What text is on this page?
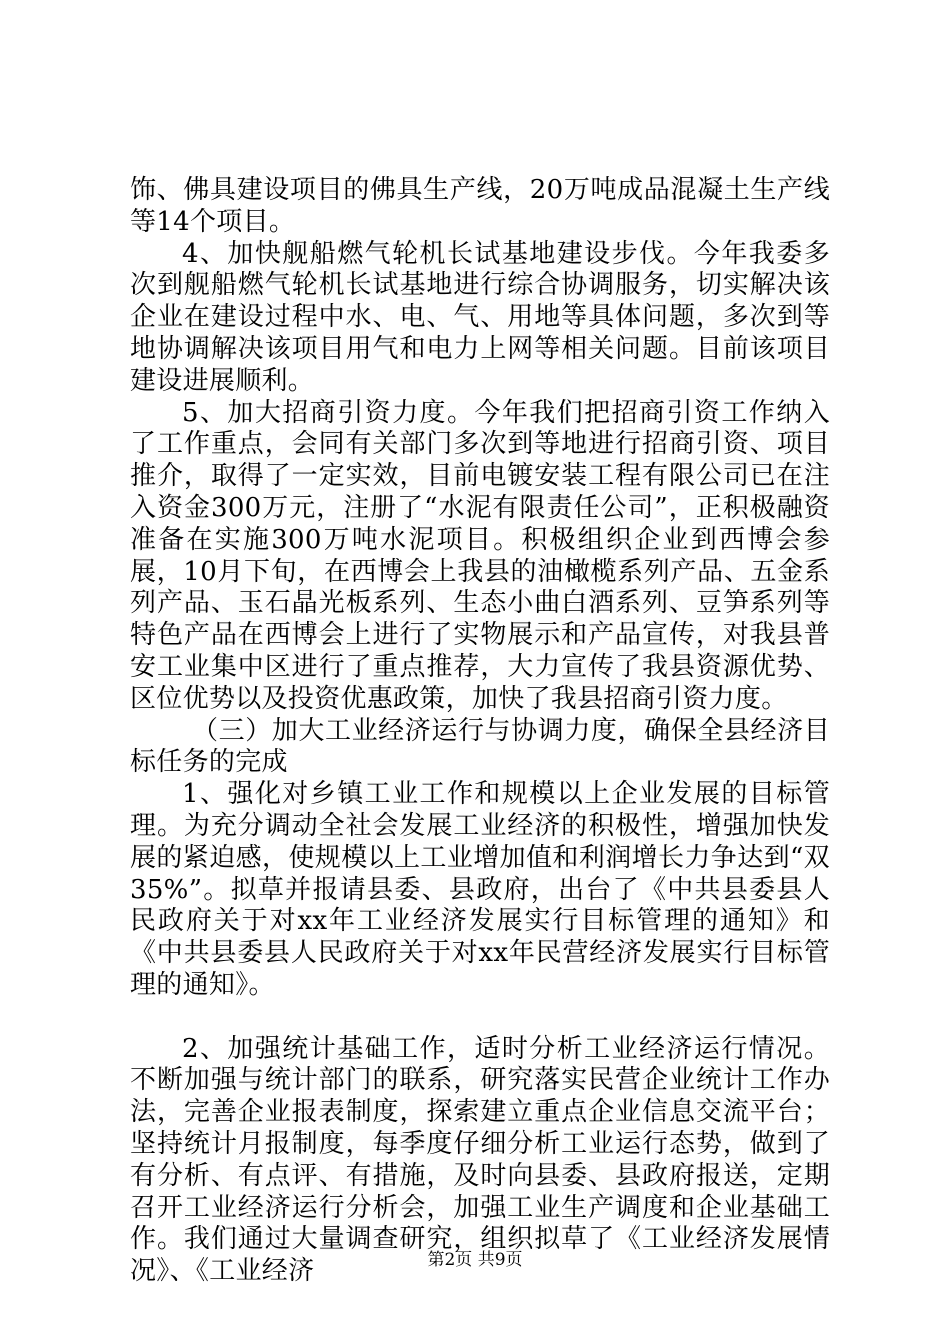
饰、佛具建设项目的佛具生产线，20万吨成品混凝土生产线等14个项目。

4、加快舰船燃气轮机长试基地建设步伐。今年我委多次到舰船燃气轮机长试基地进行综合协调服务，切实解决该企业在建设过程中水、电、气、用地等具体问题，多次到等地协调解决该项目用气和电力上网等相关问题。目前该项目建设进展顺利。

5、加大招商引资力度。今年我们把招商引资工作纳入了工作重点，会同有关部门多次到等地进行招商引资、项目推介，取得了一定实效，目前电镀安装工程有限公司已在注入资金300万元，注册了“水泥有限责任公司”，正积极融资准备在实施300万吨水泥项目。积极组织企业到西博会参展，10月下旬，在西博会上我县的油橄榄系列产品、五金系列产品、玉石晶光板系列、生态小曲白酒系列、豆笋系列等特色产品在西博会上进行了实物展示和产品宣传，对我县普安工业集中区进行了重点推荐，大力宣传了我县资源优势、区位优势以及投资优惠政策，加快了我县招商引资力度。

（三）加大工业经济运行与协调力度，确保全县经济目标任务的完成

1、强化对乡镇工业工作和规模以上企业发展的目标管理。为充分调动全社会发展工业经济的积极性，增强加快发展的紧迫感，使规模以上工业增加值和利润增长力争达到“双35%”。拟草并报请县委、县政府，出台了《中共县委县人民政府关于对xx年工业经济发展实行目标管理的通知》和《中共县委县人民政府关于对xx年民营经济发展实行目标管理的通知》。

2、加强统计基础工作，适时分析工业经济运行情况。不断加强与统计部门的联系，研究落实民营企业统计工作办法，完善企业报表制度，探索建立重点企业信息交流平台；坚持统计月报制度，每季度仔细分析工业运行态势，做到了有分析、有点评、有措施，及时向县委、县政府报送，定期召开工业经济运行分析会，加强工业生产调度和企业基础工作。我们通过大量调查研究，组织拟草了《工业经济发展情况》、《工业经济	第2页 共9页
